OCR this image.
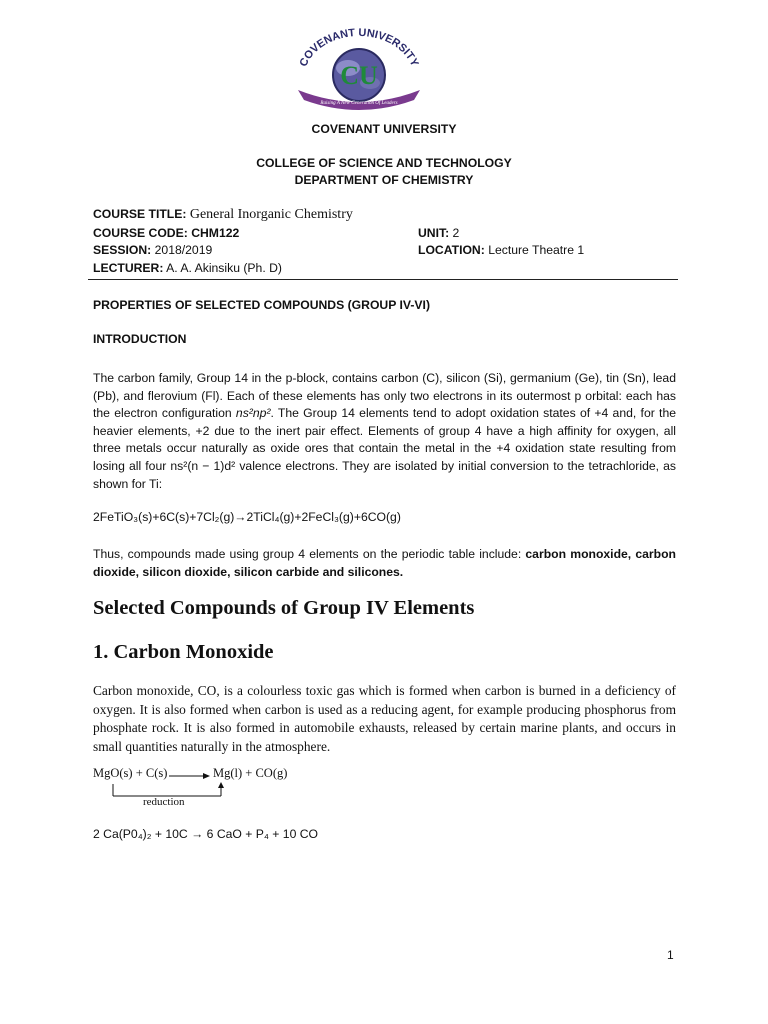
COVENANT UNIVERSITY
CU
Raising A New Generation Of Leaders
COVENANT UNIVERSITY
COLLEGE OF SCIENCE AND TECHNOLOGY
DEPARTMENT OF CHEMISTRY
COURSE TITLE: General Inorganic Chemistry
COURSE CODE: CHM122	UNIT: 2
SESSION: 2018/2019	LOCATION: Lecture Theatre 1
LECTURER: A. A. Akinsiku (Ph. D)
PROPERTIES OF SELECTED COMPOUNDS (GROUP IV-VI)
INTRODUCTION
The carbon family, Group 14 in the p-block, contains carbon (C), silicon (Si), germanium (Ge), tin (Sn), lead (Pb), and flerovium (Fl). Each of these elements has only two electrons in its outermost p orbital: each has the electron configuration ns²np². The Group 14 elements tend to adopt oxidation states of +4 and, for the heavier elements, +2 due to the inert pair effect. Elements of group 4 have a high affinity for oxygen, all three metals occur naturally as oxide ores that contain the metal in the +4 oxidation state resulting from losing all four ns²(n − 1)d² valence electrons. They are isolated by initial conversion to the tetrachloride, as shown for Ti:
2FeTiO₃(s)+6C(s)+7Cl₂(g)→2TiCl₄(g)+2FeCl₃(g)+6CO(g)
Thus, compounds made using group 4 elements on the periodic table include: carbon monoxide, carbon dioxide, silicon dioxide, silicon carbide and silicones.
Selected Compounds of Group IV Elements
1. Carbon Monoxide
Carbon monoxide, CO, is a colourless toxic gas which is formed when carbon is burned in a deficiency of oxygen. It is also formed when carbon is used as a reducing agent, for example producing phosphorus from phosphate rock. It is also formed in automobile exhausts, released by certain marine plants, and occurs in small quantities naturally in the atmosphere.
MgO(s) + C(s)	Mg(l) + CO(g)
reduction
2 Ca(P0₄)₂ + 10C → 6 CaO + P₄ + 10 CO
1
